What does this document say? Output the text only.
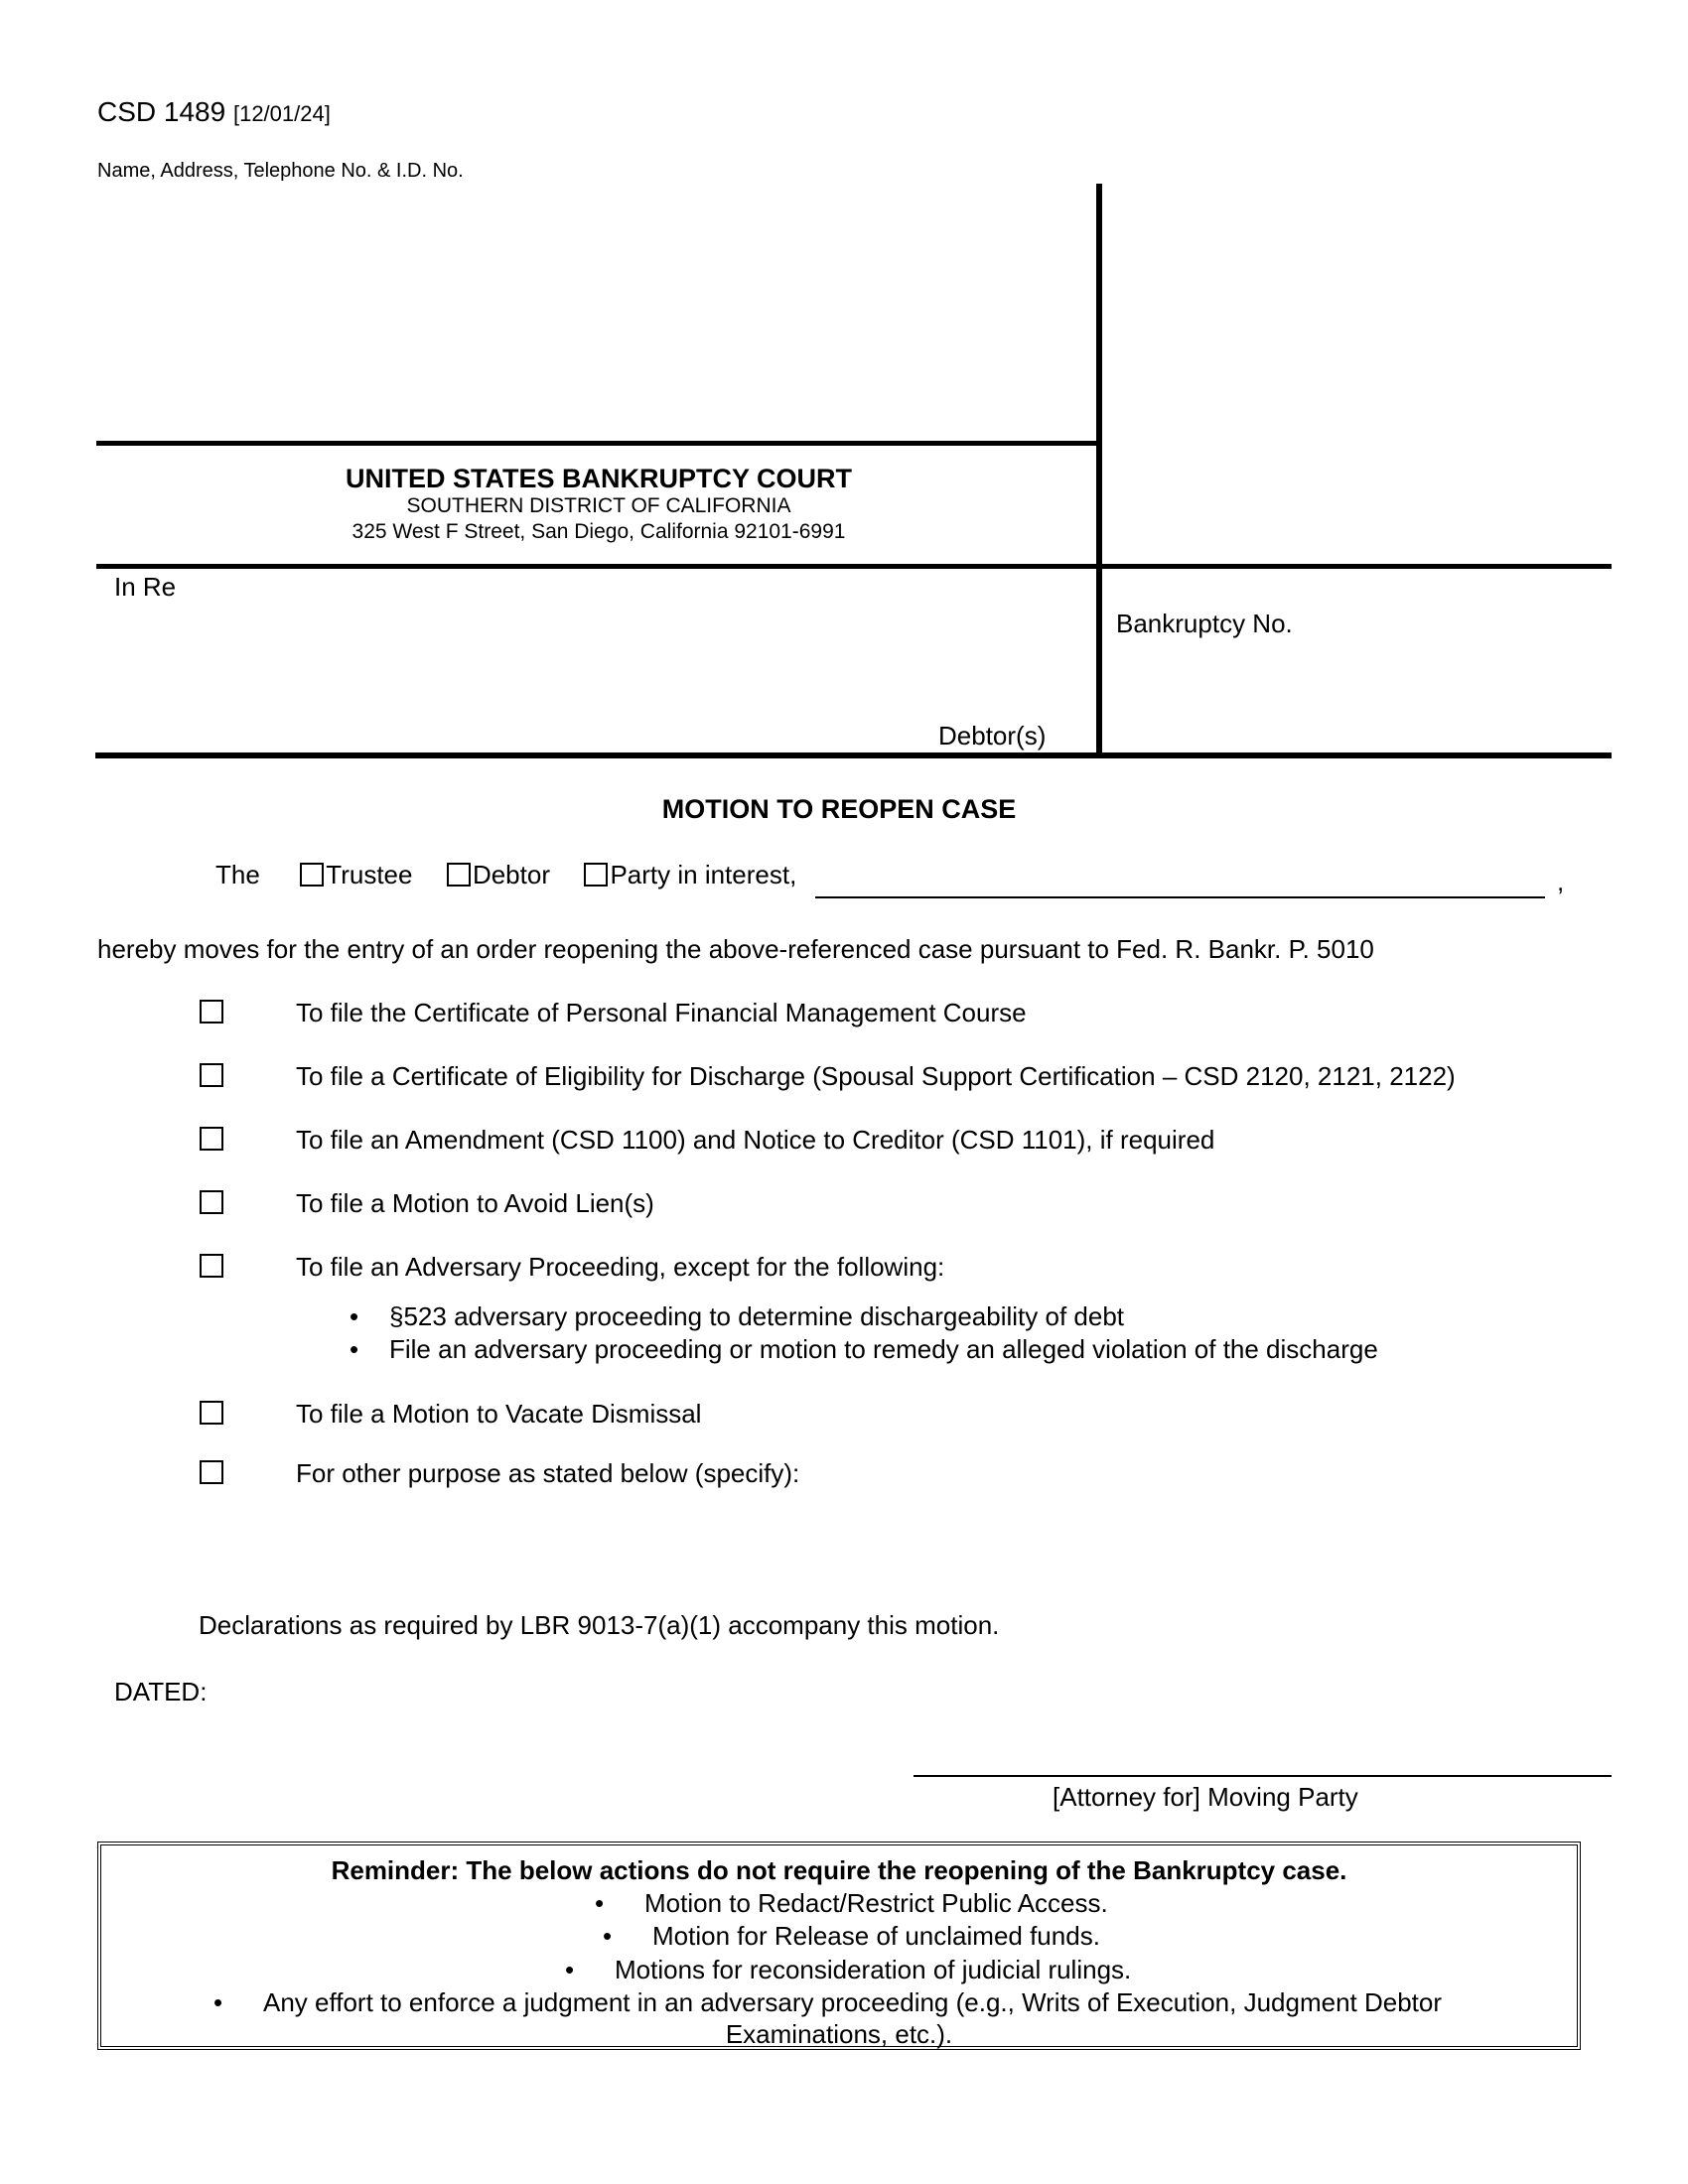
CSD 1489 [12/01/24]
Name, Address, Telephone No. & I.D. No.
UNITED STATES BANKRUPTCY COURT
SOUTHERN DISTRICT OF CALIFORNIA
325 West F Street, San Diego, California 92101-6991
In Re
Debtor(s)
Bankruptcy No.
MOTION TO REOPEN CASE
The	Trustee Debtor Party in interest,	,
hereby moves for the entry of an order reopening the above-referenced case pursuant to Fed. R. Bankr. P. 5010
To file the Certificate of Personal Financial Management Course
To file a Certificate of Eligibility for Discharge (Spousal Support Certification – CSD 2120, 2121, 2122)
To file an Amendment (CSD 1100) and Notice to Creditor (CSD 1101), if required
To file a Motion to Avoid Lien(s)
To file an Adversary Proceeding, except for the following:
• §523 adversary proceeding to determine dischargeability of debt
• File an adversary proceeding or motion to remedy an alleged violation of the discharge
To file a Motion to Vacate Dismissal
For other purpose as stated below (specify):
Declarations as required by LBR 9013-7(a)(1) accompany this motion.
DATED:
[Attorney for] Moving Party
Reminder: The below actions do not require the reopening of the Bankruptcy case.
• Motion to Redact/Restrict Public Access.
• Motion for Release of unclaimed funds.
• Motions for reconsideration of judicial rulings.
• Any effort to enforce a judgment in an adversary proceeding (e.g., Writs of Execution, Judgment Debtor
Examinations, etc.).
